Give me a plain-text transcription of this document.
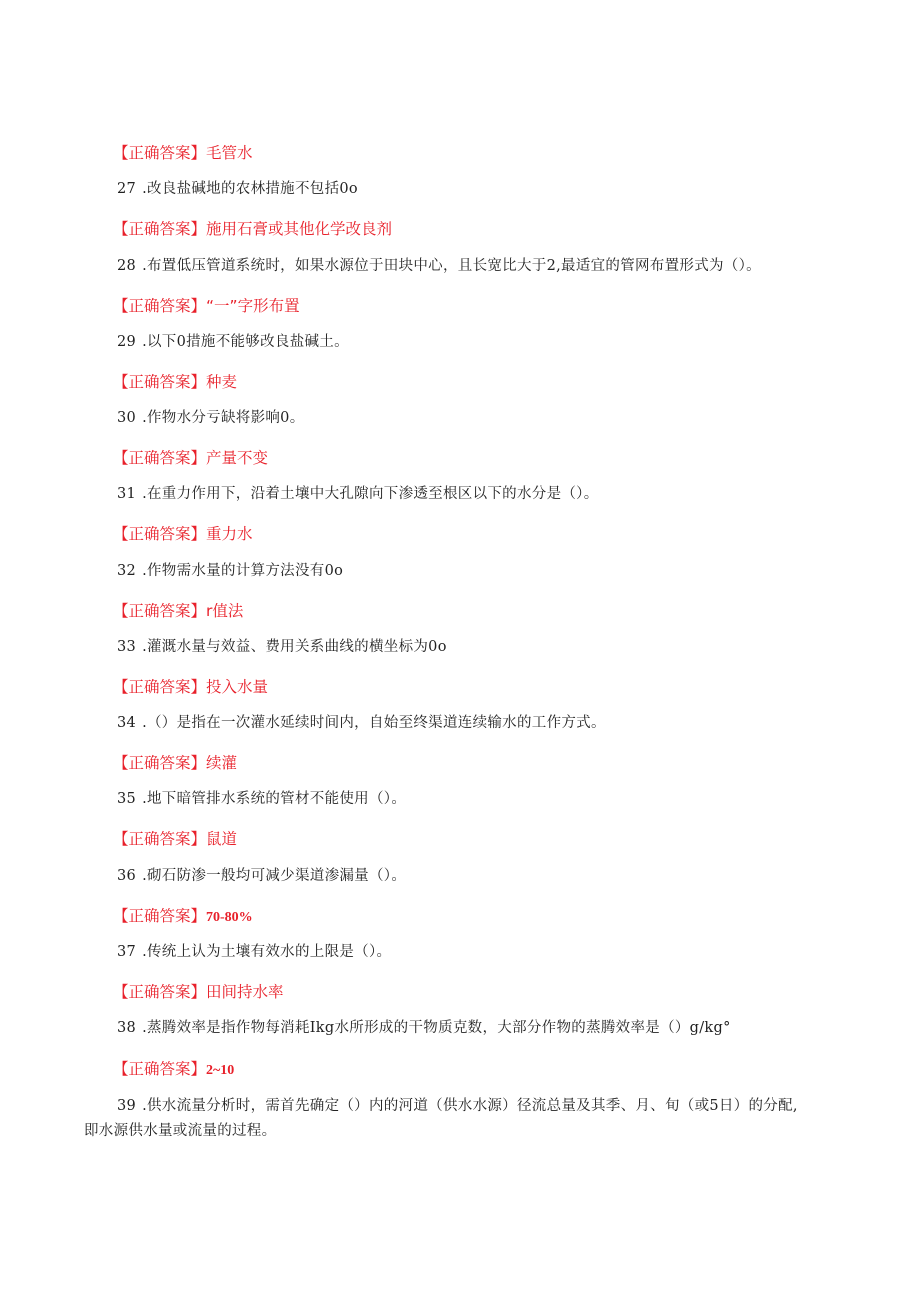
【正确答案】毛管水
27 .改良盐碱地的农林措施不包括0o
【正确答案】施用石膏或其他化学改良剂
28 .布置低压管道系统时，如果水源位于田块中心，且长宽比大于2,最适宜的管网布置形式为（）。
【正确答案】“一”字形布置
29 .以下0措施不能够改良盐碱土。
【正确答案】种麦
30 .作物水分亏缺将影响0。
【正确答案】产量不变
31 .在重力作用下，沿着土壤中大孔隙向下渗透至根区以下的水分是（）。
【正确答案】重力水
32 .作物需水量的计算方法没有0o
【正确答案】r值法
33 .灌溉水量与效益、费用关系曲线的横坐标为0o
【正确答案】投入水量
34 .（）是指在一次灌水延续时间内，自始至终渠道连续输水的工作方式。
【正确答案】续灌
35 .地下暗管排水系统的管材不能使用（）。
【正确答案】鼠道
36 .砌石防渗一般均可减少渠道渗漏量（）。
【正确答案】70-80%
37 .传统上认为土壤有效水的上限是（）。
【正确答案】田间持水率
38 .蒸腾效率是指作物每消耗Ikg水所形成的干物质克数，大部分作物的蒸腾效率是（）g/kg°
【正确答案】2~10
39 .供水流量分析时，需首先确定（）内的河道（供水水源）径流总量及其季、月、旬（或5日）的分配,
即水源供水量或流量的过程。
